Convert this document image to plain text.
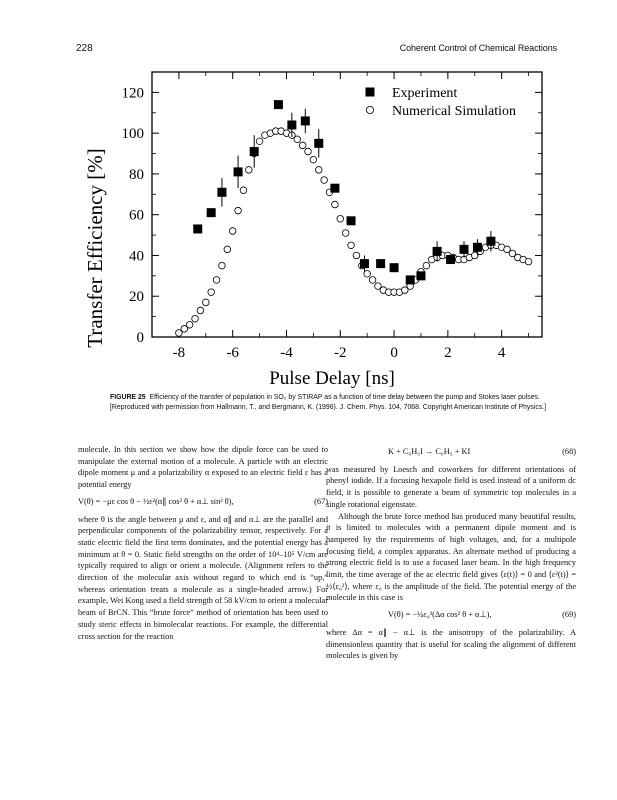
228	Coherent Control of Chemical Reactions
-8	-6	-4	-2	0	2	4
0
20
40
60
80
100
120	Experiment
Numerical Simulation
Transfer Efficiency [%]
Pulse Delay [ns]
FIGURE 25 Efficiency of the transfer of population in SO₂ by STIRAP as a function of time delay between the pump and Stokes laser pulses. [Reproduced with permission from Hallmann, T., and Bergmann, K. (1996). J. Chem. Phys. 104, 7068. Copyright American Institute of Physics.]

molecule. In this section we show how the dipole force can be used to manipulate the external motion of a molecule. A particle with an electric dipole moment μ and a polarizability α exposed to an electric field ε has a potential energy

V(θ) = −με cos θ − ½ε²(α∥ cos² θ + α⊥ sin² θ),	(67)

where θ is the angle between μ and ε, and α∥ and α⊥ are the parallel and perpendicular components of the polarizability tensor, respectively. For a static electric field the first term dominates, and the potential energy has a minimum at θ = 0. Static field strengths on the order of 10⁴–10⁵ V/cm are typically required to align or orient a molecule. (Alignment refers to the direction of the molecular axis without regard to which end is “up,” whereas orientation treats a molecule as a single-headed arrow.) For example, Wei Kong used a field strength of 58 kV/cm to orient a molecular beam of BrCN. This “brute force” method of orientation has been used to study steric effects in bimolecular reactions. For example, the differential cross section for the reaction

K + C₆H₅I → C₆H₅ + KI	(68)

was measured by Loesch and coworkers for different orientations of phenyl iodide. If a focusing hexapole field is used instead of a uniform dc field, it is possible to generate a beam of symmetric top molecules in a single rotational eigenstate.

Although the brute force method has produced many beautiful results, it is limited to molecules with a permanent dipole moment and is hampered by the requirements of high voltages, and, for a multipole focusing field, a complex apparatus. An alternate method of producing a strong electric field is to use a focused laser beam. In the high frequency limit, the time average of the ac electric field gives ⟨ε(t)⟩ = 0 and ⟨ε²(t)⟩ = ½⟨ε₀²⟩, where ε₀ is the amplitude of the field. The potential energy of the molecule in this case is

V(θ) = −¼ε₀²(Δα cos² θ + α⊥),	(69)

where Δα = α∥ − α⊥ is the anisotropy of the polarizability. A dimensionless quantity that is useful for scaling the alignment of different molecules is given by
